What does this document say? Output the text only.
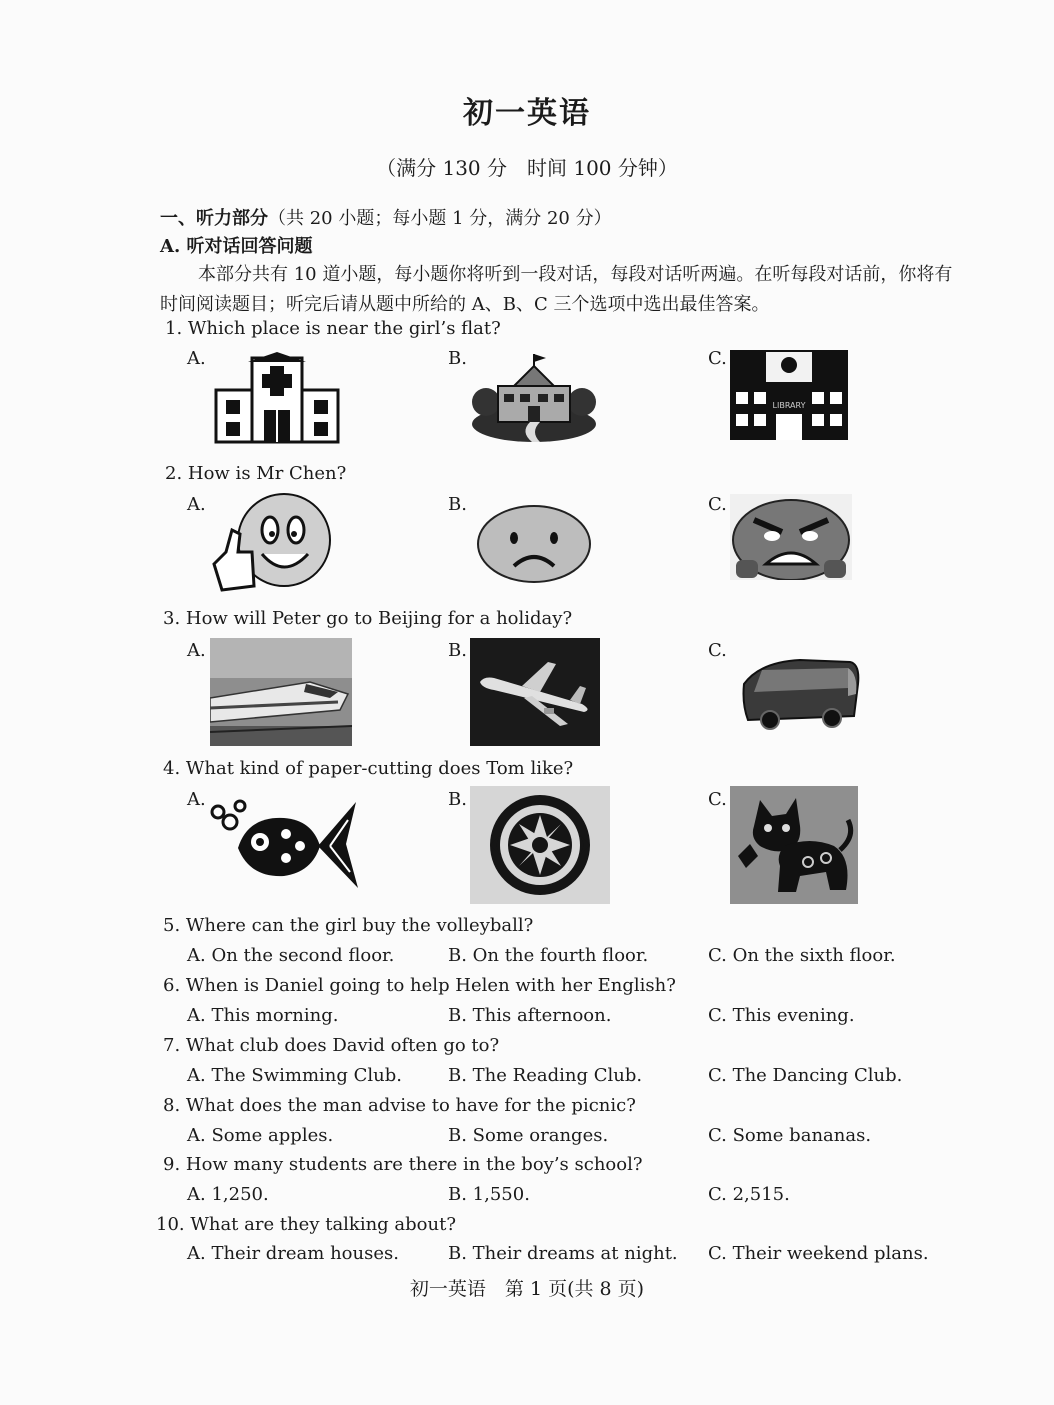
初一英语
（满分 130 分　时间 100 分钟）
一、听力部分（共 20 小题；每小题 1 分，满分 20 分）
A. 听对话回答问题
本部分共有 10 道小题，每小题你将听到一段对话，每段对话听两遍。在听每段对话前，你将有时间阅读题目；听完后请从题中所给的 A、B、C 三个选项中选出最佳答案。
1. Which place is near the girl’s flat?
A.	B.	C.
LIBRARY
2. How is Mr Chen?
A.	B.	C.
3. How will Peter go to Beijing for a holiday?
A.	B.	C.
4. What kind of paper-cutting does Tom like?
A.	B.	C.
5. Where can the girl buy the volleyball?
A. On the second floor.	B. On the fourth floor.	C. On the sixth floor.
6. When is Daniel going to help Helen with her English?
A. This morning.	B. This afternoon.	C. This evening.
7. What club does David often go to?
A. The Swimming Club.	B. The Reading Club.	C. The Dancing Club.
8. What does the man advise to have for the picnic?
A. Some apples.	B. Some oranges.	C. Some bananas.
9. How many students are there in the boy’s school?
A. 1,250.	B. 1,550.	C. 2,515.
10. What are they talking about?
A. Their dream houses.	B. Their dreams at night. C. Their weekend plans.
初一英语　第 1 页(共 8 页)
